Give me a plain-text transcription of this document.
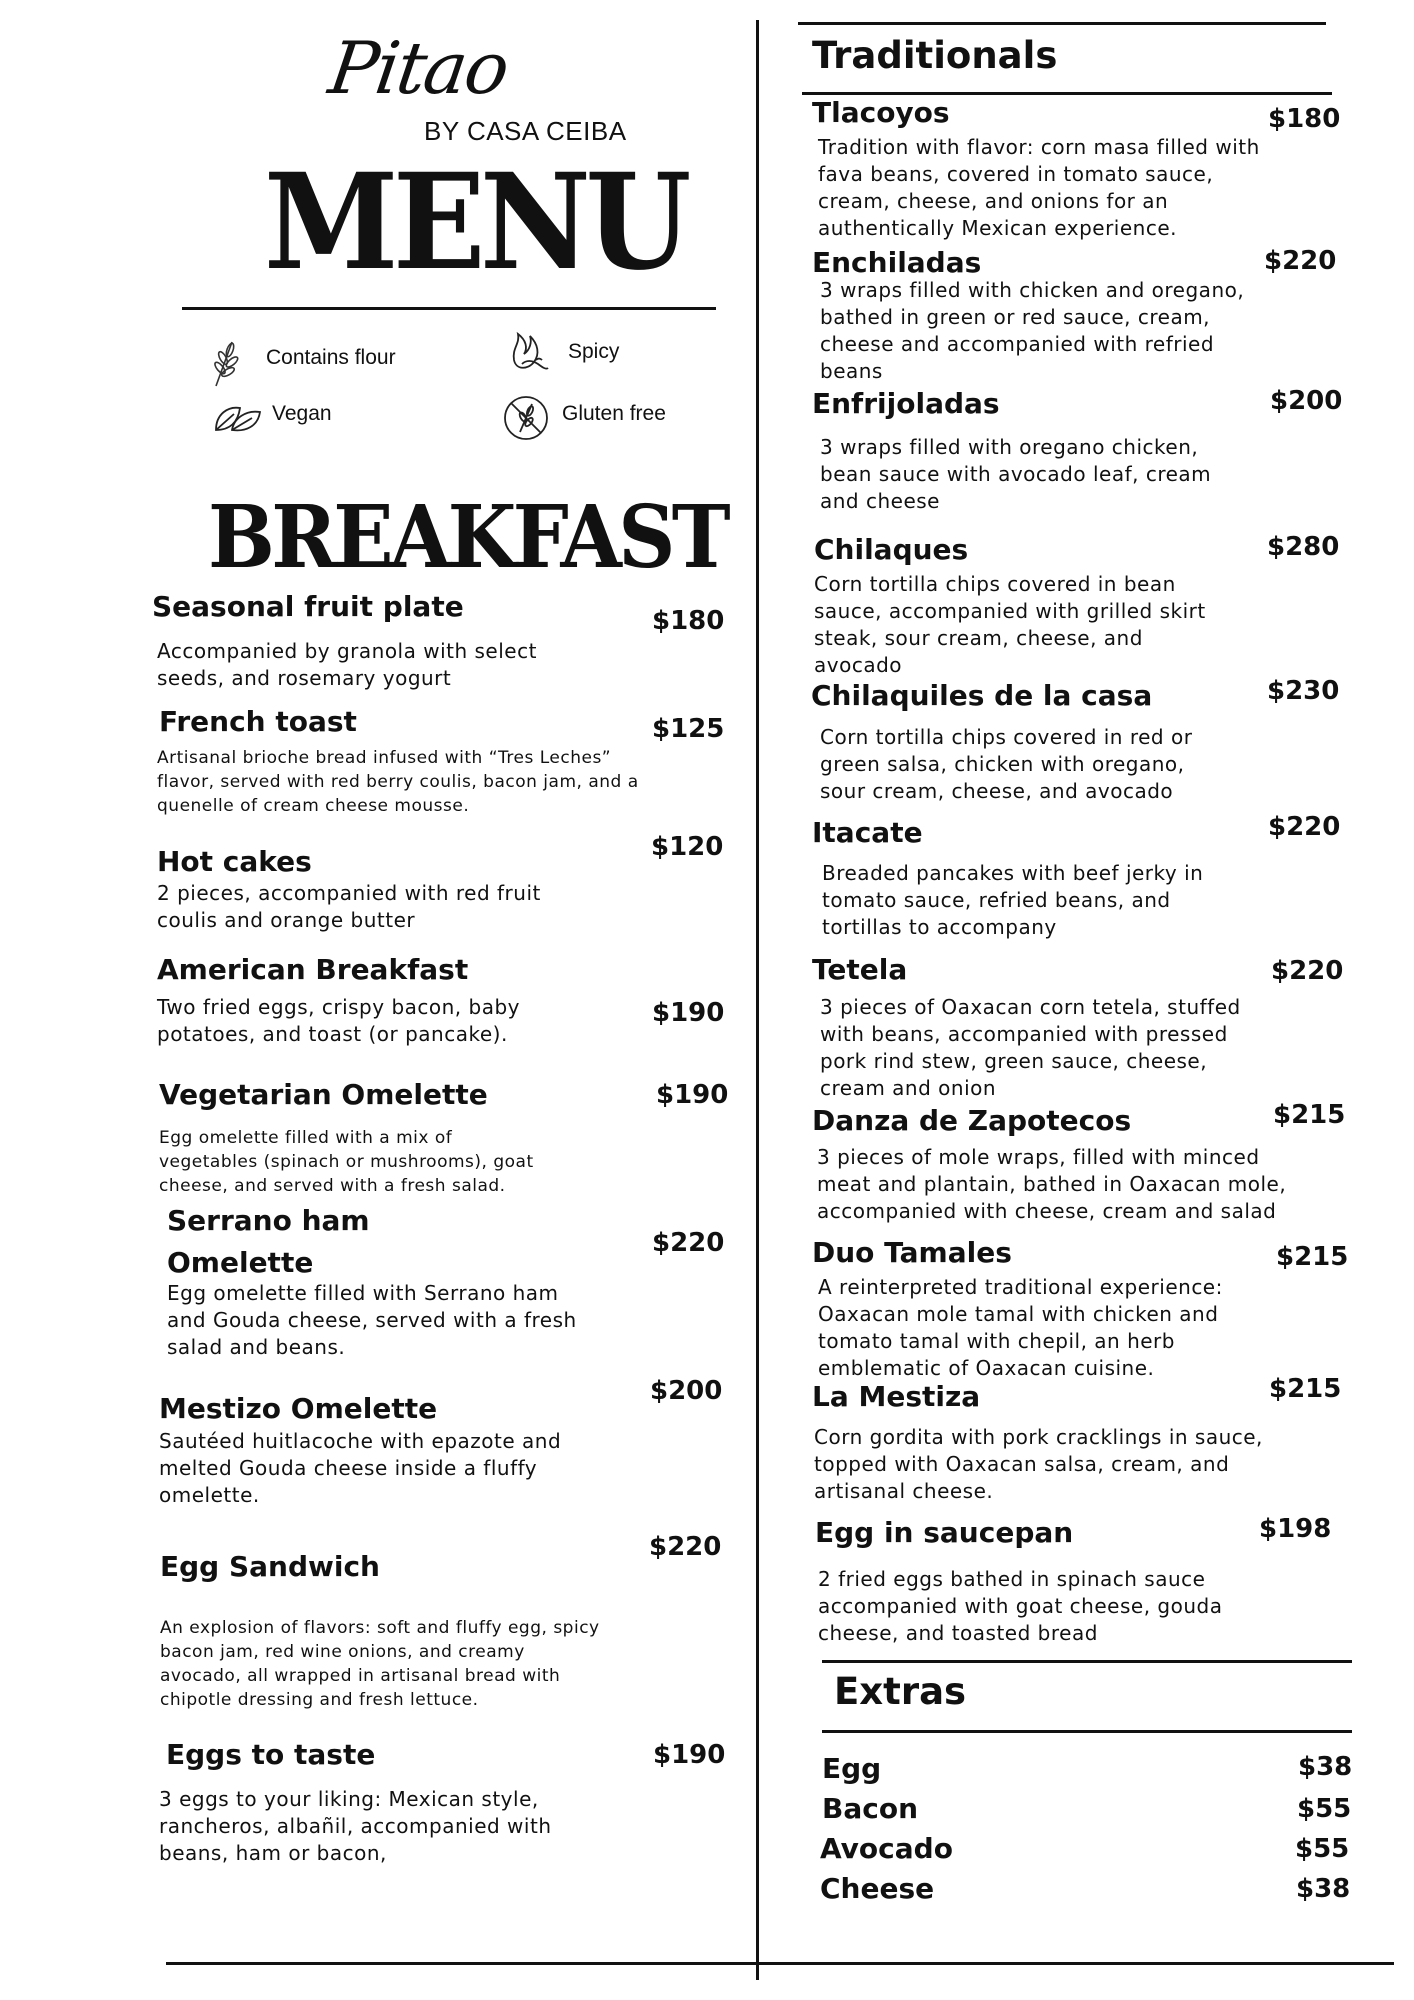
Pitao
BY CASA CEIBA
MENU
Contains flour	Spicy
Vegan	Gluten free
BREAKFAST
Seasonal fruit plate	$180
Accompanied by granola with select
seeds, and rosemary yogurt
French toast	$125
Artisanal brioche bread infused with “Tres Leches”
flavor, served with red berry coulis, bacon jam, and a
quenelle of cream cheese mousse.
Hot cakes	$120
2 pieces, accompanied with red fruit
coulis and orange butter
American Breakfast
$190
Two fried eggs, crispy bacon, baby
potatoes, and toast (or pancake).
Vegetarian Omelette	$190
Egg omelette filled with a mix of
vegetables (spinach or mushrooms), goat
cheese, and served with a fresh salad.
Serrano ham
Omelette
$220
Egg omelette filled with Serrano ham
and Gouda cheese, served with a fresh
salad and beans.
Mestizo Omelette
$200
Sautéed huitlacoche with epazote and
melted Gouda cheese inside a fluffy
omelette.
Egg Sandwich
$220
An explosion of flavors: soft and fluffy egg, spicy
bacon jam, red wine onions, and creamy
avocado, all wrapped in artisanal bread with
chipotle dressing and fresh lettuce.
Eggs to taste	$190
3 eggs to your liking: Mexican style,
rancheros, albañil, accompanied with
beans, ham or bacon,
Traditionals
Tlacoyos	$180
Tradition with flavor: corn masa filled with
fava beans, covered in tomato sauce,
cream, cheese, and onions for an
authentically Mexican experience.
Enchiladas	$220
3 wraps filled with chicken and oregano,
bathed in green or red sauce, cream,
cheese and accompanied with refried
beans
Enfrijoladas	$200
3 wraps filled with oregano chicken,
bean sauce with avocado leaf, cream
and cheese
Chilaques	$280
Corn tortilla chips covered in bean
sauce, accompanied with grilled skirt
steak, sour cream, cheese, and
avocado
Chilaquiles de la casa	$230
Corn tortilla chips covered in red or
green salsa, chicken with oregano,
sour cream, cheese, and avocado
Itacate	$220
Breaded pancakes with beef jerky in
tomato sauce, refried beans, and
tortillas to accompany
Tetela	$220
3 pieces of Oaxacan corn tetela, stuffed
with beans, accompanied with pressed
pork rind stew, green sauce, cheese,
cream and onion
Danza de Zapotecos	$215
3 pieces of mole wraps, filled with minced
meat and plantain, bathed in Oaxacan mole,
accompanied with cheese, cream and salad
Duo Tamales	$215
A reinterpreted traditional experience:
Oaxacan mole tamal with chicken and
tomato tamal with chepil, an herb
emblematic of Oaxacan cuisine.
La Mestiza	$215
Corn gordita with pork cracklings in sauce,
topped with Oaxacan salsa, cream, and
artisanal cheese.
Egg in saucepan	$198
2 fried eggs bathed in spinach sauce
accompanied with goat cheese, gouda
cheese, and toasted bread
Extras
Egg	$38
Bacon	$55
Avocado	$55
Cheese	$38
